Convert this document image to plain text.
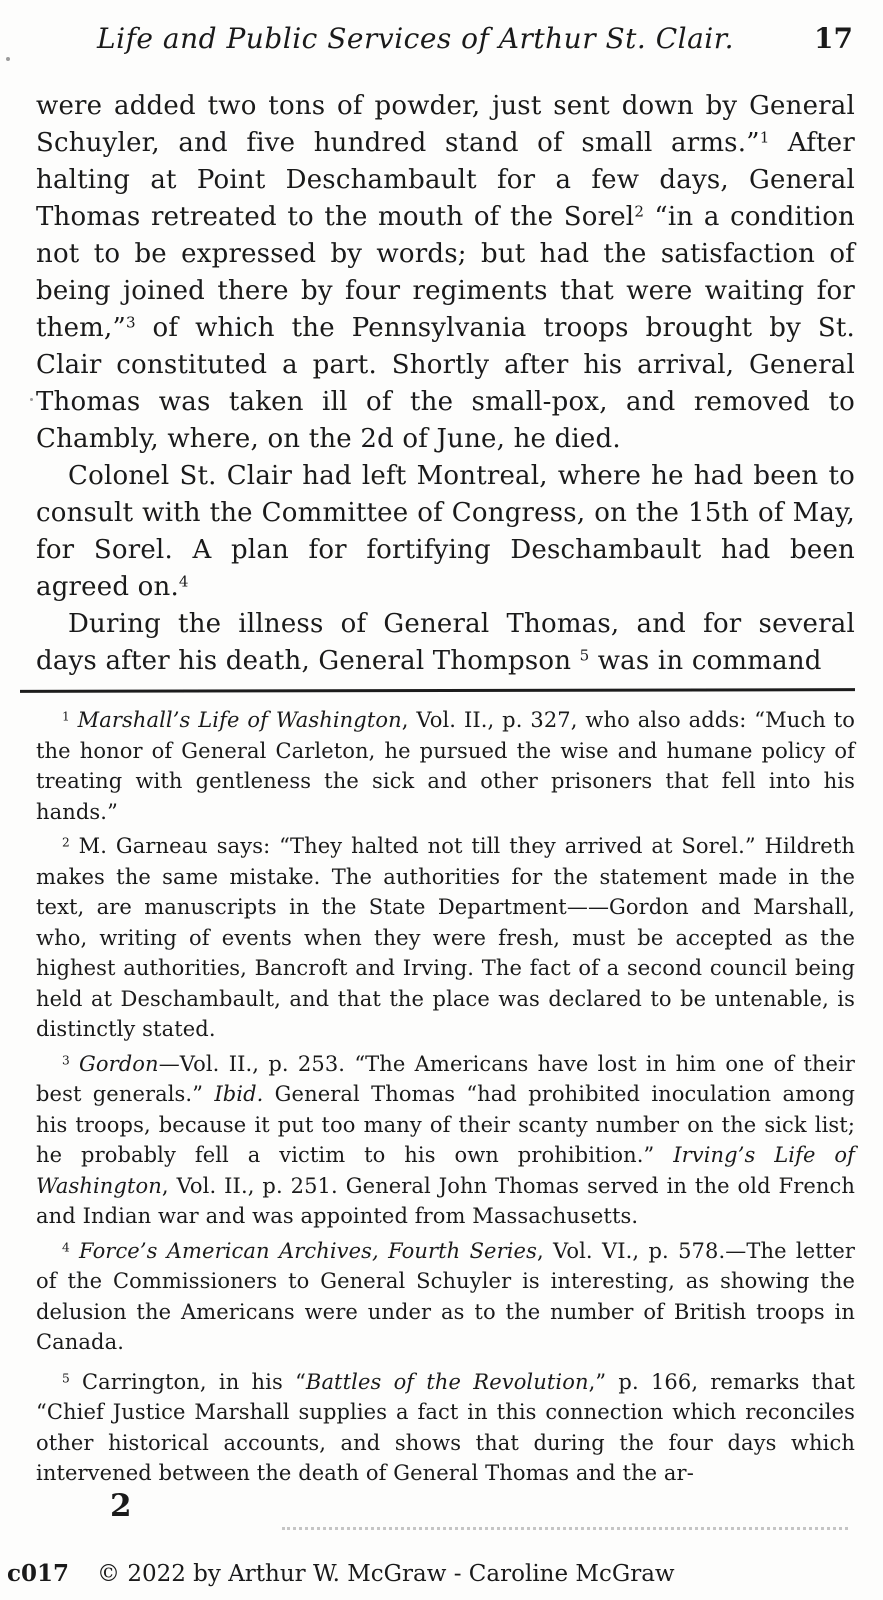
Life and Public Services of Arthur St. Clair.	17

were added two tons of powder, just sent down by General Schuyler, and five hundred stand of small arms.”$^1$ After halting at Point Deschambault for a few days, General Thomas retreated to the mouth of the Sorel$^2$ “in a condition not to be expressed by words; but had the satisfaction of being joined there by four regiments that were waiting for them,”$^3$ of which the Pennsylvania troops brought by St. Clair constituted a part. Shortly after his arrival, General Thomas was taken ill of the small-pox, and removed to Chambly, where, on the 2d of June, he died.

Colonel St. Clair had left Montreal, where he had been to consult with the Committee of Congress, on the 15th of May, for Sorel. A plan for fortifying Deschambault had been agreed on.$^4$

During the illness of General Thomas, and for several days after his death, General Thompson $^5$ was in command

$^1$ Marshall’s Life of Washington, Vol. II., p. 327, who also adds: “Much to the honor of General Carleton, he pursued the wise and humane policy of treating with gentleness the sick and other prisoners that fell into his hands.”

$^2$ M. Garneau says: “They halted not till they arrived at Sorel.” Hildreth makes the same mistake. The authorities for the statement made in the text, are manuscripts in the State Department——Gordon and Marshall, who, writing of events when they were fresh, must be accepted as the highest authorities, Bancroft and Irving. The fact of a second council being held at Deschambault, and that the place was declared to be untenable, is distinctly stated.

$^3$ Gordon—Vol. II., p. 253. “The Americans have lost in him one of their best generals.” Ibid. General Thomas “had prohibited inoculation among his troops, because it put too many of their scanty number on the sick list; he probably fell a victim to his own prohibition.” Irving’s Life of Washington, Vol. II., p. 251. General John Thomas served in the old French and Indian war and was appointed from Massachusetts.

$^4$ Force’s American Archives, Fourth Series, Vol. VI., p. 578.—The letter of the Commissioners to General Schuyler is interesting, as showing the delusion the Americans were under as to the number of British troops in Canada.

$^5$ Carrington, in his “Battles of the Revolution,” p. 166, remarks that “Chief Justice Marshall supplies a fact in this connection which reconciles other historical accounts, and shows that during the four days which intervened between the death of General Thomas and the ar-

2
c017 © 2022 by Arthur W. McGraw - Caroline McGraw
